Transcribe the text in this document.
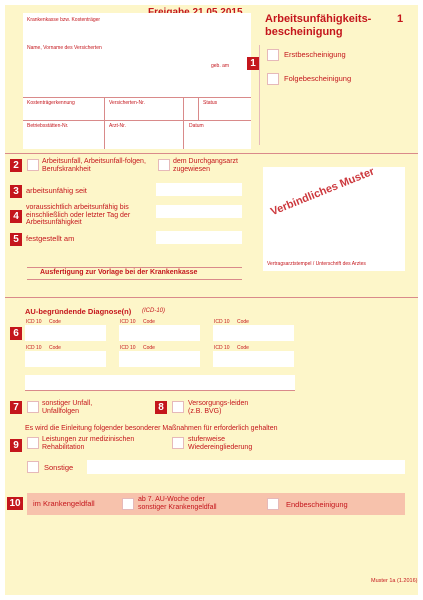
Krankenkasse bzw. Kostenträger
Name, Vorname des Versicherten
geb. am
Kostenträgerkennung	Versicherten-Nr.	Status
Betriebsstätten-Nr.	Arzt-Nr.	Datum
Arbeitsunfähigkeits- 1
bescheinigung
Erstbescheinigung
1
Folgebescheinigung
2	Arbeitsunfall, Arbeitsunfall-folgen, Berufskrankheit
dem Durchgangsarzt zugewiesen
3 arbeitsunfähig seit
4
voraussichtlich arbeitsunfähig bis einschließlich oder letzter Tag der Arbeitsunfähigkeit
5 festgestellt am
Verbindliches Muster
Vertragsarztstempel / Unterschrift des Arztes
Ausfertigung zur Vorlage bei der Krankenkasse
AU-begründende Diagnose(n) (ICD-10)
6
ICD 10 Code	ICD 10 Code	ICD 10 Code
ICD 10 Code	ICD 10 Code	ICD 10 Code
7	sonstiger Unfall, Unfallfolgen	8	Versorgungs-leiden (z.B. BVG)
Es wird die Einleitung folgender besonderer Maßnahmen für erforderlich gehalten
9
Leistungen zur medizinischen Rehabilitation
stufenweise Wiedereingliederung
Sonstige
10	im Krankengeldfall	ab 7. AU-Woche oder sonstiger Krankengeldfall	Endbescheinigung
Muster 1a (1.2016)
